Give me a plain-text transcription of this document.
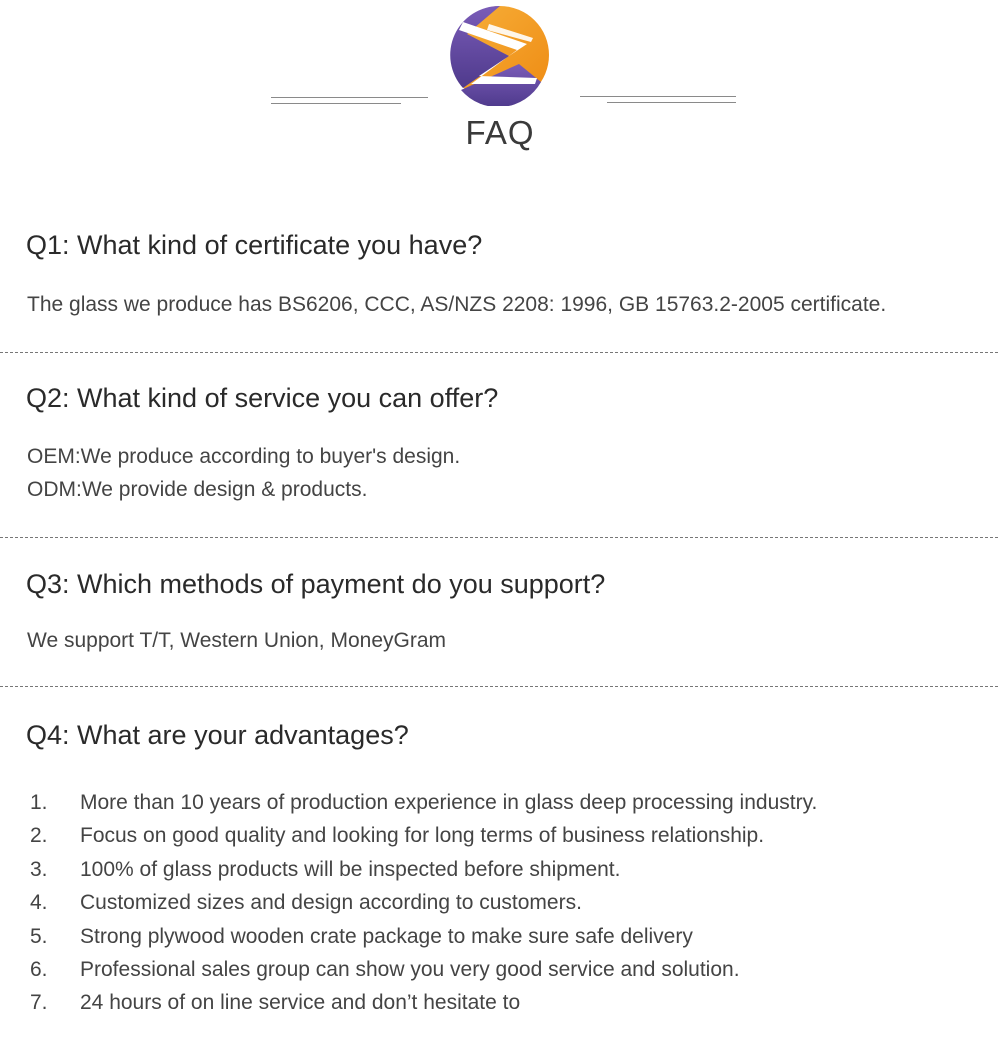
FAQ
Q1: What kind of certificate you have?
The glass we produce has BS6206, CCC, AS/NZS 2208: 1996, GB 15763.2-2005 certificate.
Q2: What kind of service you can offer?
OEM:We produce according to buyer's design.
ODM:We provide design & products.
Q3: Which methods of payment do you support?
We support T/T, Western Union, MoneyGram
Q4: What are your advantages?
1. More than 10 years of production experience in glass deep processing industry.
2. Focus on good quality and looking for long terms of business relationship.
3. 100% of glass products will be inspected before shipment.
4. Customized sizes and design according to customers.
5. Strong plywood wooden crate package to make sure safe delivery
6. Professional sales group can show you very good service and solution.
7. 24 hours of on line service and don’t hesitate to
